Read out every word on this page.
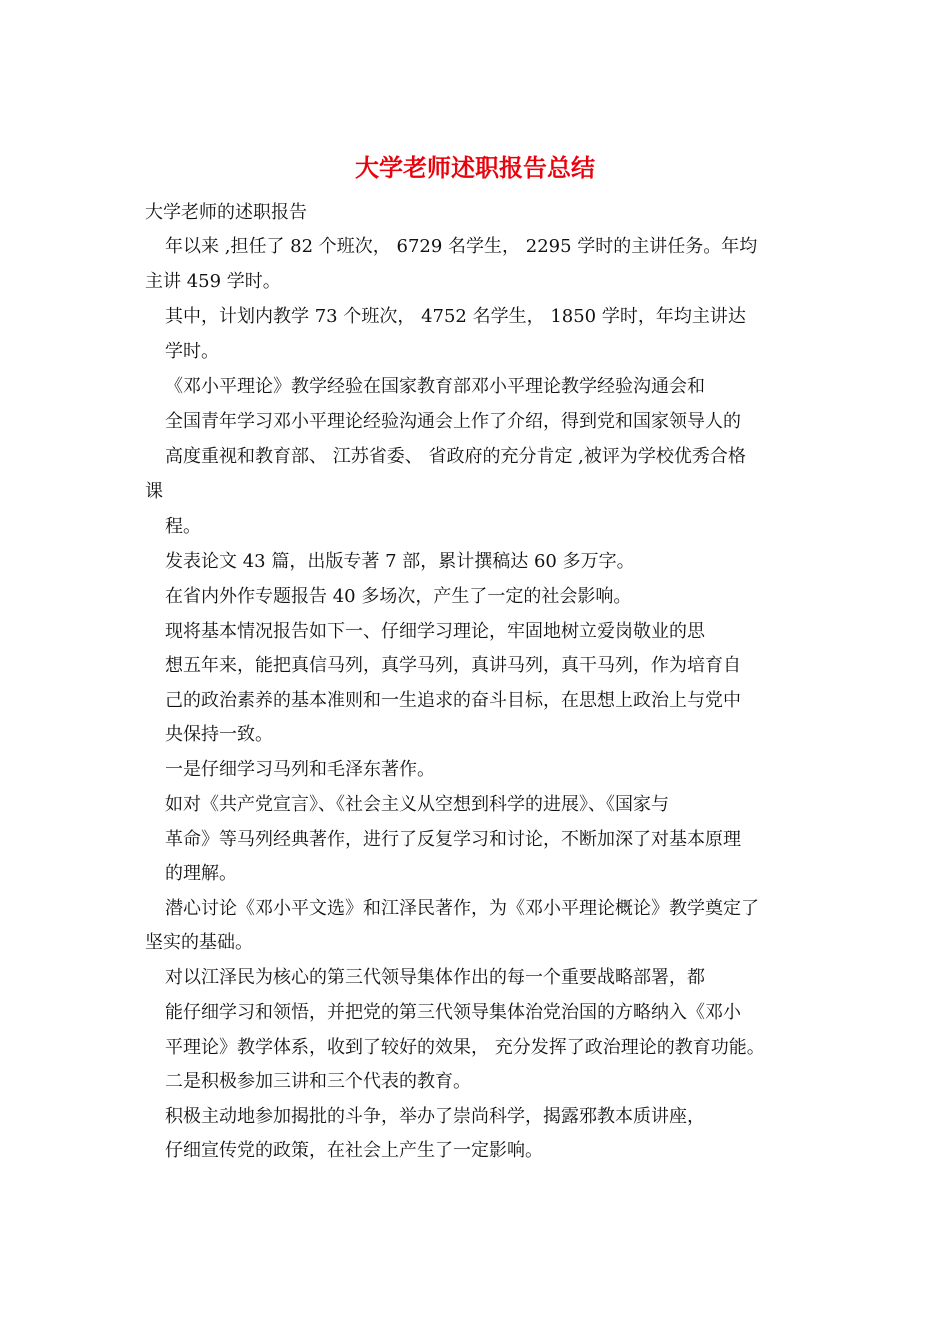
大学老师述职报告总结
大学老师的述职报告
年以来 ,担任了 82 个班次， 6729 名学生， 2295 学时的主讲任务。年均
主讲 459 学时。
其中，计划内教学 73 个班次， 4752 名学生， 1850 学时，年均主讲达
学时。
《邓小平理论》教学经验在国家教育部邓小平理论教学经验沟通会和
全国青年学习邓小平理论经验沟通会上作了介绍，得到党和国家领导人的
高度重视和教育部、 江苏省委、 省政府的充分肯定 ,被评为学校优秀合格
课
程。
发表论文 43 篇，出版专著 7 部，累计撰稿达 60 多万字。
在省内外作专题报告 40 多场次，产生了一定的社会影响。
现将基本情况报告如下一、仔细学习理论，牢固地树立爱岗敬业的思
想五年来，能把真信马列，真学马列，真讲马列，真干马列，作为培育自
己的政治素养的基本准则和一生追求的奋斗目标，在思想上政治上与党中
央保持一致。
一是仔细学习马列和毛泽东著作。
如对《共产党宣言》、《社会主义从空想到科学的进展》、《国家与
革命》等马列经典著作，进行了反复学习和讨论，不断加深了对基本原理
的理解。
潜心讨论《邓小平文选》和江泽民著作，为《邓小平理论概论》教学奠定了
坚实的基础。
对以江泽民为核心的第三代领导集体作出的每一个重要战略部署，都
能仔细学习和领悟，并把党的第三代领导集体治党治国的方略纳入《邓小
平理论》教学体系，收到了较好的效果， 充分发挥了政治理论的教育功能。
二是积极参加三讲和三个代表的教育。
积极主动地参加揭批的斗争，举办了崇尚科学，揭露邪教本质讲座，
仔细宣传党的政策，在社会上产生了一定影响。
